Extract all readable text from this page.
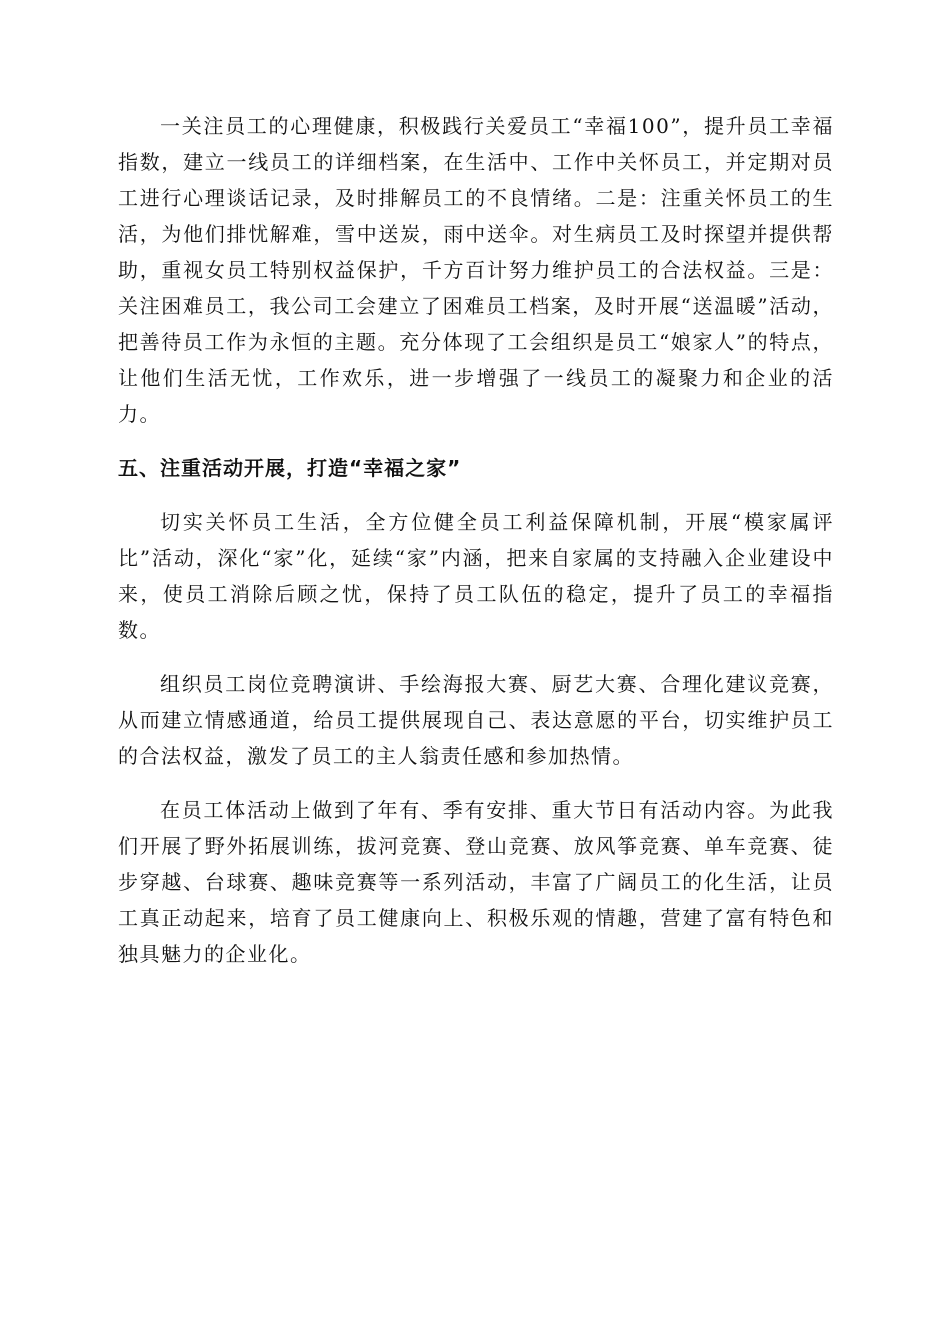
一关注员工的心理健康，积极践行关爱员工“幸福100”，提升员工幸福指数，建立一线员工的详细档案，在生活中、工作中关怀员工，并定期对员工进行心理谈话记录，及时排解员工的不良情绪。二是：注重关怀员工的生活，为他们排忧解难，雪中送炭，雨中送伞。对生病员工及时探望并提供帮助，重视女员工特别权益保护，千方百计努力维护员工的合法权益。三是：关注困难员工，我公司工会建立了困难员工档案，及时开展“送温暖”活动，把善待员工作为永恒的主题。充分体现了工会组织是员工“娘家人”的特点，让他们生活无忧，工作欢乐，进一步增强了一线员工的凝聚力和企业的活力。

五、注重活动开展，打造“幸福之家”

切实关怀员工生活，全方位健全员工利益保障机制，开展“模家属评比”活动，深化“家”化，延续“家”内涵，把来自家属的支持融入企业建设中来，使员工消除后顾之忧，保持了员工队伍的稳定，提升了员工的幸福指数。

组织员工岗位竞聘演讲、手绘海报大赛、厨艺大赛、合理化建议竞赛，从而建立情感通道，给员工提供展现自己、表达意愿的平台，切实维护员工的合法权益，激发了员工的主人翁责任感和参加热情。

在员工体活动上做到了年有、季有安排、重大节日有活动内容。为此我们开展了野外拓展训练，拔河竞赛、登山竞赛、放风筝竞赛、单车竞赛、徒步穿越、台球赛、趣味竞赛等一系列活动，丰富了广阔员工的化生活，让员工真正动起来，培育了员工健康向上、积极乐观的情趣，营建了富有特色和独具魅力的企业化。
